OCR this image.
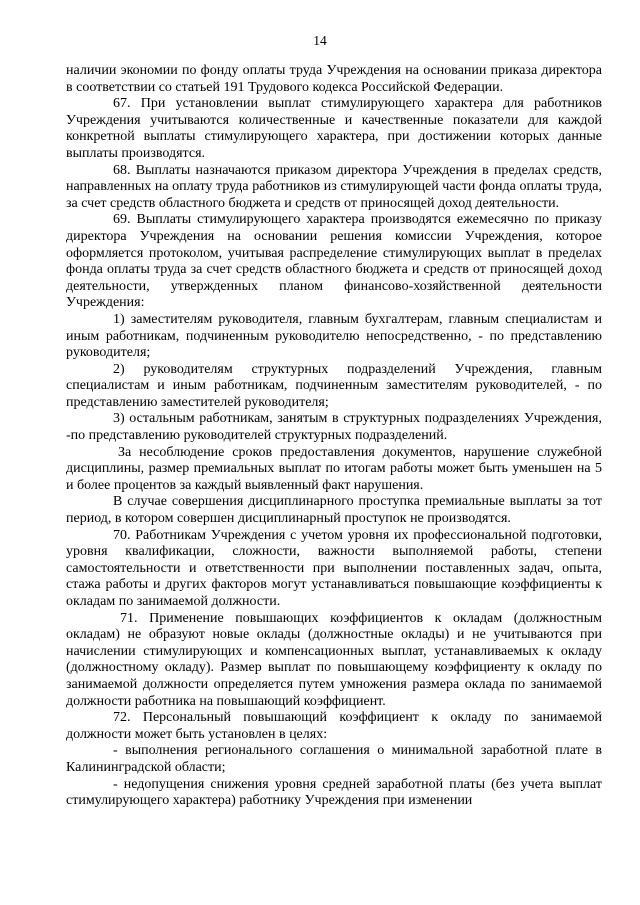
14

наличии экономии по фонду оплаты труда Учреждения на основании приказа директора в соответствии со статьей 191 Трудового кодекса Российской Федерации.

67. При установлении выплат стимулирующего характера для работников Учреждения учитываются количественные и качественные показатели для каждой конкретной выплаты стимулирующего характера, при достижении которых данные выплаты производятся.

68. Выплаты назначаются приказом директора Учреждения в пределах средств, направленных на оплату труда работников из стимулирующей части фонда оплаты труда, за счет средств областного бюджета и средств от приносящей доход деятельности.

69. Выплаты стимулирующего характера производятся ежемесячно по приказу директора Учреждения на основании решения комиссии Учреждения, которое оформляется протоколом, учитывая распределение стимулирующих выплат в пределах фонда оплаты труда за счет средств областного бюджета и средств от приносящей доход деятельности, утвержденных планом финансово-хозяйственной деятельности Учреждения:

1) заместителям руководителя, главным бухгалтерам, главным специалистам и иным работникам, подчиненным руководителю непосредственно, - по представлению руководителя;

2) руководителям структурных подразделений Учреждения, главным специалистам и иным работникам, подчиненным заместителям руководителей, - по представлению заместителей руководителя;

3) остальным работникам, занятым в структурных подразделениях Учреждения, -по представлению руководителей структурных подразделений.

За несоблюдение сроков предоставления документов, нарушение служебной дисциплины, размер премиальных выплат по итогам работы может быть уменьшен на 5 и более процентов за каждый выявленный факт нарушения.

В случае совершения дисциплинарного проступка премиальные выплаты за тот период, в котором совершен дисциплинарный проступок не производятся.

70. Работникам Учреждения с учетом уровня их профессиональной подготовки, уровня квалификации, сложности, важности выполняемой работы, степени самостоятельности и ответственности при выполнении поставленных задач, опыта, стажа работы и других факторов могут устанавливаться повышающие коэффициенты к окладам по занимаемой должности.

71. Применение повышающих коэффициентов к окладам (должностным окладам) не образуют новые оклады (должностные оклады) и не учитываются при начислении стимулирующих и компенсационных выплат, устанавливаемых к окладу (должностному окладу). Размер выплат по повышающему коэффициенту к окладу по занимаемой должности определяется путем умножения размера оклада по занимаемой должности работника на повышающий коэффициент.

72. Персональный повышающий коэффициент к окладу по занимаемой должности может быть установлен в целях:

- выполнения регионального соглашения о минимальной заработной плате в Калининградской области;

- недопущения снижения уровня средней заработной платы (без учета выплат стимулирующего характера) работнику Учреждения при изменении
